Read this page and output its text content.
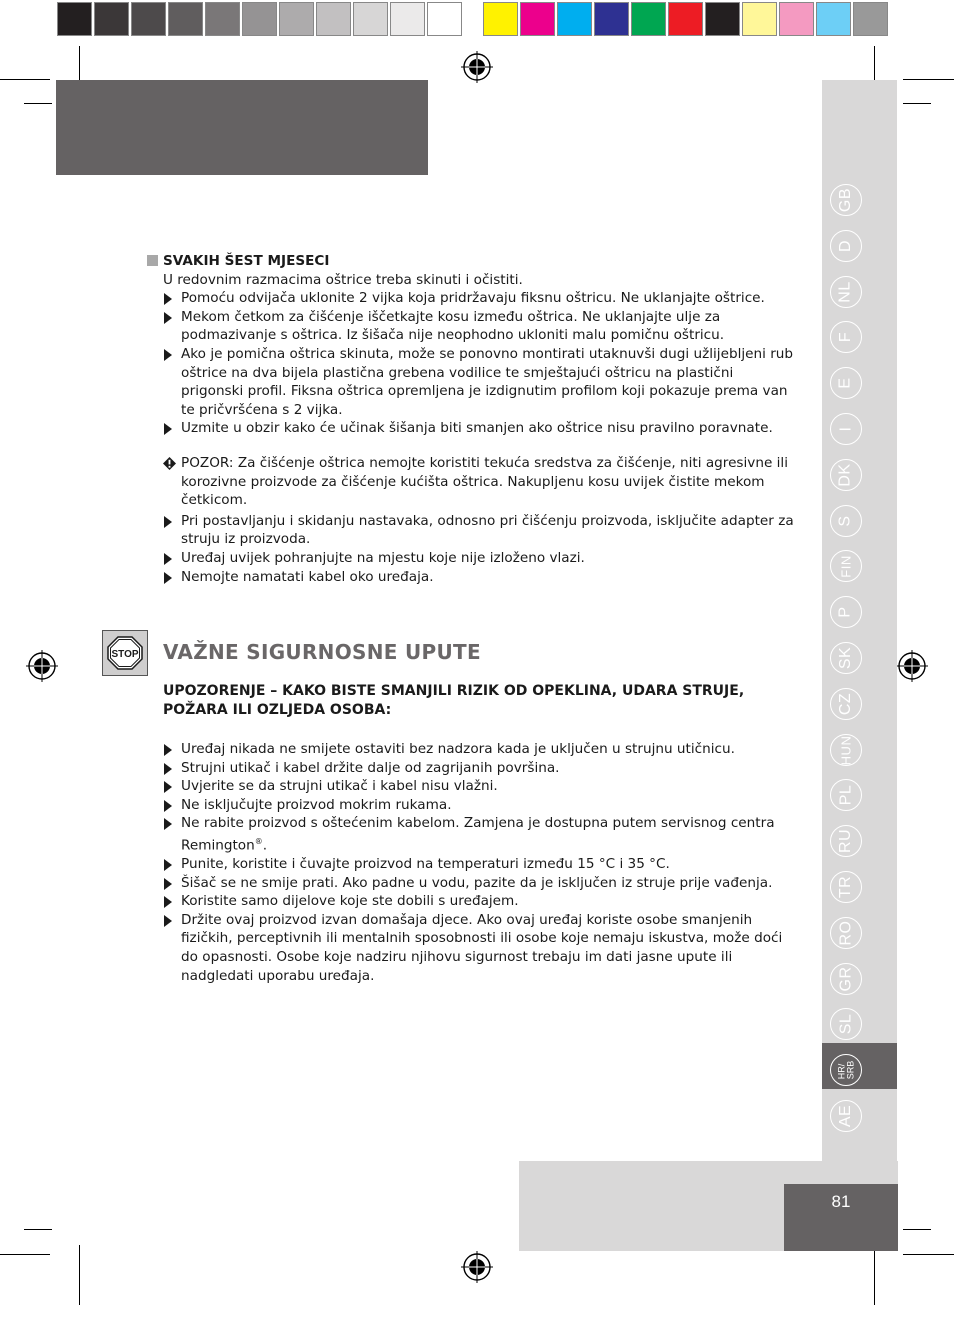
GB
D
NL
F
E
I
DK
S
FIN
P
SK
CZ
HUN
PL
RU
TR
RO
GR
SL
HR/ SRB
AE
SVAKIH ŠEST MJESECI

U redovnim razmacima oštrice treba skinuti i očistiti.

Pomoću odvijača uklonite 2 vijka koja pridržavaju fiksnu oštricu. Ne uklanjajte oštrice.
Mekom četkom za čišćenje iščetkajte kosu između oštrica. Ne uklanjajte ulje za podmazivanje s oštrica. Iz šišača nije neophodno ukloniti malu pomičnu oštricu.
Ako je pomična oštrica skinuta, može se ponovno montirati utaknuvši dugi užlijebljeni rub oštrice na dva bijela plastična grebena vodilice te smještajući oštricu na plastični prigonski profil. Fiksna oštrica opremljena je izdignutim profilom koji pokazuje prema van te pričvršćena s 2 vijka.
Uzmite u obzir kako će učinak šišanja biti smanjen ako oštrice nisu pravilno poravnate.
POZOR: Za čišćenje oštrica nemojte koristiti tekuća sredstva za čišćenje, niti agresivne ili korozivne proizvode za čišćenje kućišta oštrica. Nakupljenu kosu uvijek čistite mekom četkicom.
Pri postavljanju i skidanju nastavaka, odnosno pri čišćenju proizvoda, isključite adapter za struju iz proizvoda.
Uređaj uvijek pohranjujte na mjestu koje nije izloženo vlazi.
Nemojte namatati kabel oko uređaja.
STOP VAŽNE SIGURNOSNE UPUTE

UPOZORENJE – KAKO BISTE SMANJILI RIZIK OD OPEKLINA, UDARA STRUJE, POŽARA ILI OZLJEDA OSOBA:

Uređaj nikada ne smijete ostaviti bez nadzora kada je uključen u strujnu utičnicu.
Strujni utikač i kabel držite dalje od zagrijanih površina.
Uvjerite se da strujni utikač i kabel nisu vlažni.
Ne isključujte proizvod mokrim rukama.
Ne rabite proizvod s oštećenim kabelom. Zamjena je dostupna putem servisnog centra Remington®.
Punite, koristite i čuvajte proizvod na temperaturi između 15 °C i 35 °C.
Šišač se ne smije prati. Ako padne u vodu, pazite da je isključen iz struje prije vađenja.
Koristite samo dijelove koje ste dobili s uređajem.
Držite ovaj proizvod izvan domašaja djece. Ako ovaj uređaj koriste osobe smanjenih fizičkih, perceptivnih ili mentalnih sposobnosti ili osobe koje nemaju iskustva, može doći do opasnosti. Osobe koje nadziru njihovu sigurnost trebaju im dati jasne upute ili nadgledati uporabu uređaja.
81
